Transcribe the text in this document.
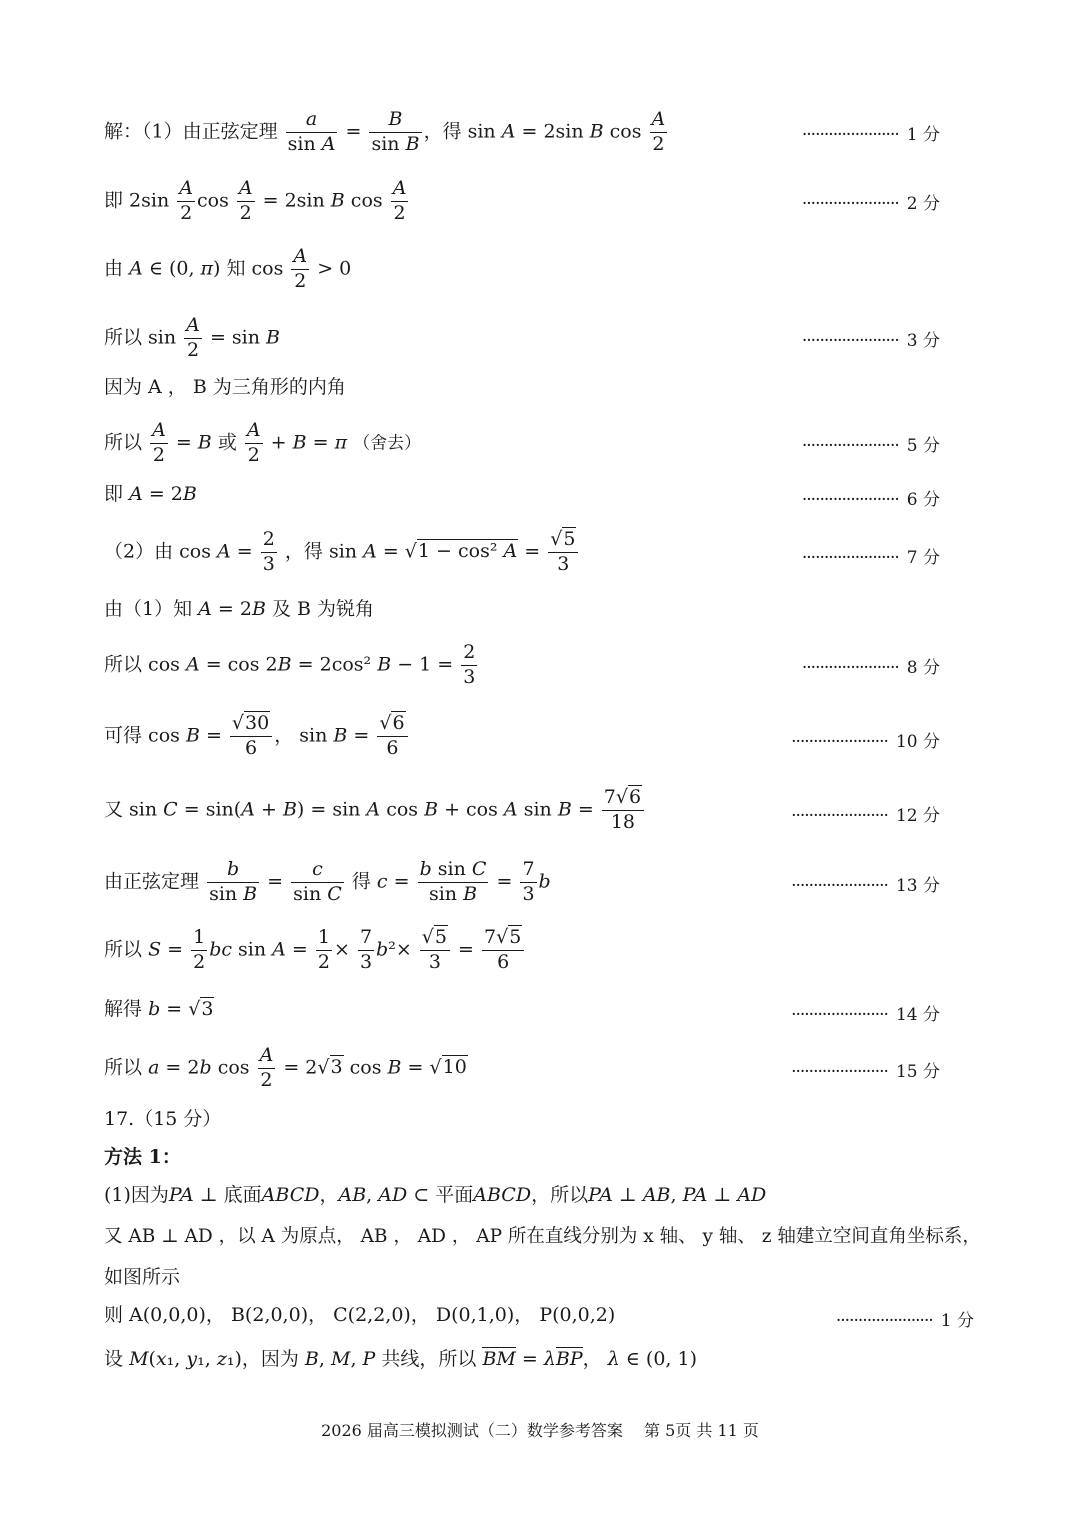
解：（1）由正弦定理 $\frac{a}{\text{sin A}} = \frac{B}{\text{sin B}}$ ，得 sin A = 2sin B $\cos \frac{A}{2}$	····· 1 分
即 $2\sin \frac{A}{2}$ $\cos \frac{A}{2} = 2\sin$ B $\cos \frac{A}{2}$	····· 2 分
由 A ∈ (0, π) 知 $\cos \frac{A}{2} > 0$
所以 $\sin \frac{A}{2} = \sin B$	····· 3 分
因为 A ， B 为三角形的内角
所以 $\frac{A}{2} = B$ 或 $\frac{A}{2} + B = \pi$ （舍去）	····· 5 分
即 A = 2B	····· 6 分
（2）由 $\cos A = \frac{2}{3}$ ，得 sin A = √1 − cos² $A = \frac{√5}{3}$	····· 7 分
由（1）知 A = 2B 及 B 为锐角
所以 cos A = cos 2B = 2cos² $B - 1 = \frac{2}{3}$	····· 8 分
可得 $\cos B = \frac{√30}{6}$ ， $\sin B = \frac{√6}{6}$	····· 10 分
又 sin C = sin(A + B) = sin A cos B + cos A $\sin B = \frac{7√6}{18}$	····· 12 分
由正弦定理 $\frac{b}{\text{sin B}} = \frac{c}{\text{sin C}}$ 得 $c = \frac{\text{b sin C}}{\text{sin B}} = \frac{7}{3}$ b	····· 13 分
所以 $S = \frac{1}{2}$ bc $\sin A = \frac{1}{2} \times \frac{7}{3} b^2\times \frac{√5}{3} = \frac{7√5}{6}$
解得 b = √3	····· 14 分
所以 a = 2b $\cos \frac{A}{2} = 2√3$ cos B = √10	····· 15 分
17.（15 分）
方法 1：
(1)因为PA ⊥ 底面ABCD，AB, AD ⊂ 平面ABCD，所以PA ⊥ AB, PA ⊥ AD
又 AB ⊥ AD ，以 A 为原点， AB ， AD ， AP 所在直线分别为 x 轴、 y 轴、 z 轴建立空间直角坐标系，
如图所示
则 A(0,0,0)， B(2,0,0)， C(2,2,0)， D(0,1,0)， P(0,0,2)	····· 1 分
设 M(x₁, y₁, z₁)，因为 B, M, P 共线，所以 BM = λBP， λ ∈ (0, 1)
2026 届高三模拟测试（二）数学参考答案　 第 5页 共 11 页
